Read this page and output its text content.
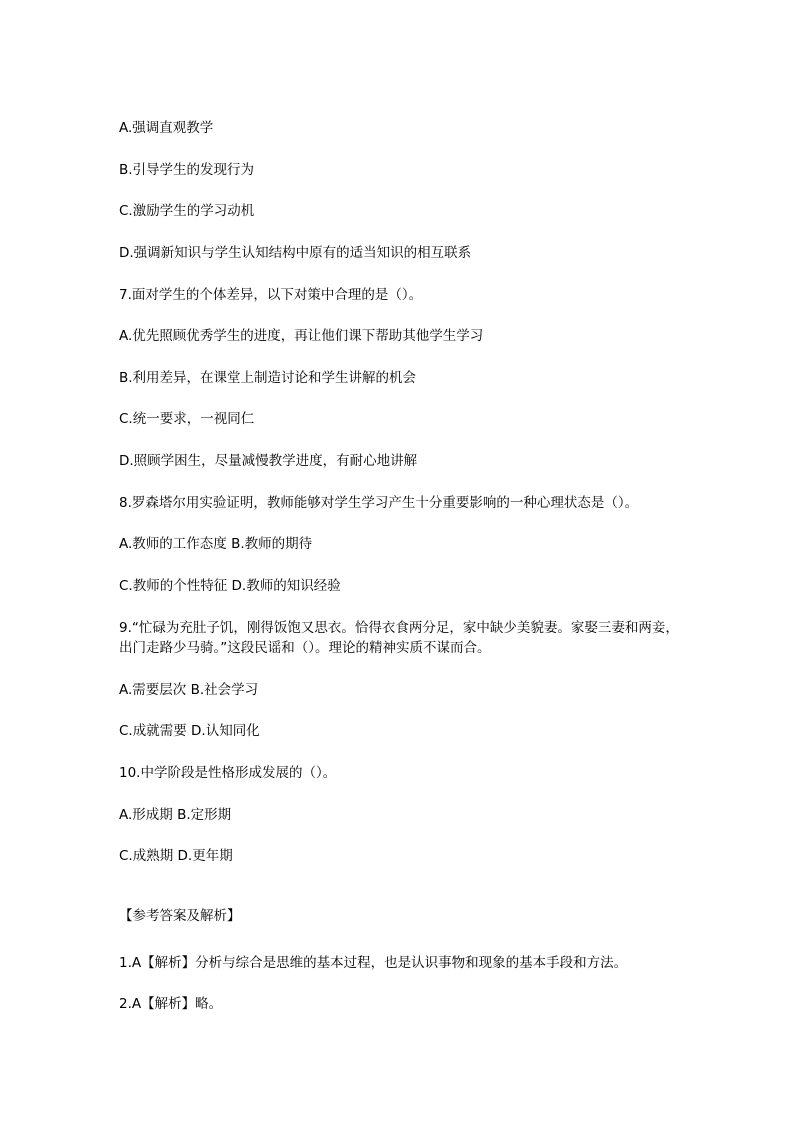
A.强调直观教学
B.引导学生的发现行为
C.激励学生的学习动机
D.强调新知识与学生认知结构中原有的适当知识的相互联系
7.面对学生的个体差异，以下对策中合理的是（）。
A.优先照顾优秀学生的进度，再让他们课下帮助其他学生学习
B.利用差异，在课堂上制造讨论和学生讲解的机会
C.统一要求，一视同仁
D.照顾学困生，尽量减慢教学进度，有耐心地讲解
8.罗森塔尔用实验证明，教师能够对学生学习产生十分重要影响的一种心理状态是（）。
A.教师的工作态度 B.教师的期待
C.教师的个性特征 D.教师的知识经验
9.“忙碌为充肚子饥，刚得饭饱又思衣。恰得衣食两分足，家中缺少美貌妻。家娶三妻和两妾，出门走路少马骑。”这段民谣和（）。理论的精神实质不谋而合。
A.需要层次 B.社会学习
C.成就需要 D.认知同化
10.中学阶段是性格形成发展的（）。
A.形成期 B.定形期
C.成熟期 D.更年期
【参考答案及解析】
1.A【解析】分析与综合是思维的基本过程，也是认识事物和现象的基本手段和方法。
2.A【解析】略。
